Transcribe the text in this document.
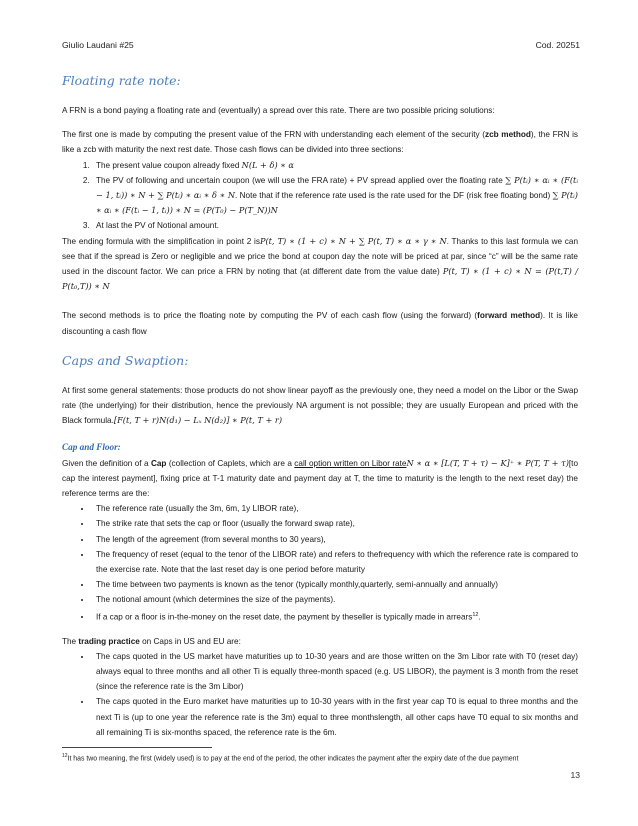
Giulio Laudani #25	Cod. 20251
Floating rate note:

A FRN is a bond paying a floating rate and (eventually) a spread over this rate. There are two possible pricing solutions:

The first one is made by computing the present value of the FRN with understanding each element of the security (zcb method), the FRN is like a zcb with maturity the next rest date. Those cash flows can be divided into three sections:

1. The present value coupon already fixed N(L + δ) ∗ α
2. The PV of following and uncertain coupon (we will use the FRA rate) + PV spread applied over the floating rate ∑ P(tᵢ) ∗ αᵢ ∗ (F(tᵢ − 1, tᵢ)) ∗ N + ∑ P(tᵢ) ∗ αᵢ ∗ δ ∗ N. Note that if the reference rate used is the rate used for the DF (risk free floating bond) ∑ P(tᵢ) ∗ αᵢ ∗ (F(tᵢ − 1, tᵢ)) ∗ N = (P(T₀) − P(T_N))N
3. At last the PV of Notional amount.

The ending formula with the simplification in point 2 isP(t, T) ∗ (1 + c) ∗ N + ∑ P(t, T) ∗ α ∗ γ ∗ N. Thanks to this last formula we can see that if the spread is Zero or negligible and we price the bond at coupon day the note will be priced at par, since “c” will be the same rate used in the discount factor. We can price a FRN by noting that (at different date from the value date) P(t, T) ∗ (1 + c) ∗ N = (P(t,T) / P(t₀,T)) ∗ N

The second methods is to price the floating note by computing the PV of each cash flow (using the forward) (forward method). It is like discounting a cash flow

Caps and Swaption:

At first some general statements: those products do not show linear payoff as the previously one, they need a model on the Libor or the Swap rate (the underlying) for their distribution, hence the previously NA argument is not possible; they are usually European and priced with the Black formula.[F(t, T + r)N(d₁) − Lₓ N(d₂)] ∗ P(t, T + r)

Cap and Floor:

Given the definition of a Cap (collection of Caplets, which are a call option written on Libor rateN ∗ α ∗ [L(T, T + τ) − K]⁺ ∗ P(T, T + τ)[to cap the interest payment], fixing price at T-1 maturity date and payment day at T, the time to maturity is the length to the next reset day) the reference terms are the:

• The reference rate (usually the 3m, 6m, 1y LIBOR rate),
• The strike rate that sets the cap or floor (usually the forward swap rate),
• The length of the agreement (from several months to 30 years),
• The frequency of reset (equal to the tenor of the LIBOR rate) and refers to thefrequency with which the reference rate is compared to the exercise rate. Note that the last reset day is one period before maturity
• The time between two payments is known as the tenor (typically monthly,quarterly, semi-annually and annually)
• The notional amount (which determines the size of the payments).
• If a cap or a floor is in-the-money on the reset date, the payment by theseller is typically made in arrears$^{12}$.

The trading practice on Caps in US and EU are:

• The caps quoted in the US market have maturities up to 10-30 years and are those written on the 3m Libor rate with T0 (reset day) always equal to three months and all other Ti is equally three-month spaced (e.g. US LIBOR), the payment is 3 month from the reset (since the reference rate is the 3m Libor)
• The caps quoted in the Euro market have maturities up to 10-30 years with in the first year cap T0 is equal to three months and the next Ti is (up to one year the reference rate is the 3m) equal to three monthslength, all other caps have T0 equal to six months and all remaining Ti is six-months spaced, the reference rate is the 6m.
$^{12}$It has two meaning, the first (widely used) is to pay at the end of the period, the other indicates the payment after the expiry date of the due payment
13
